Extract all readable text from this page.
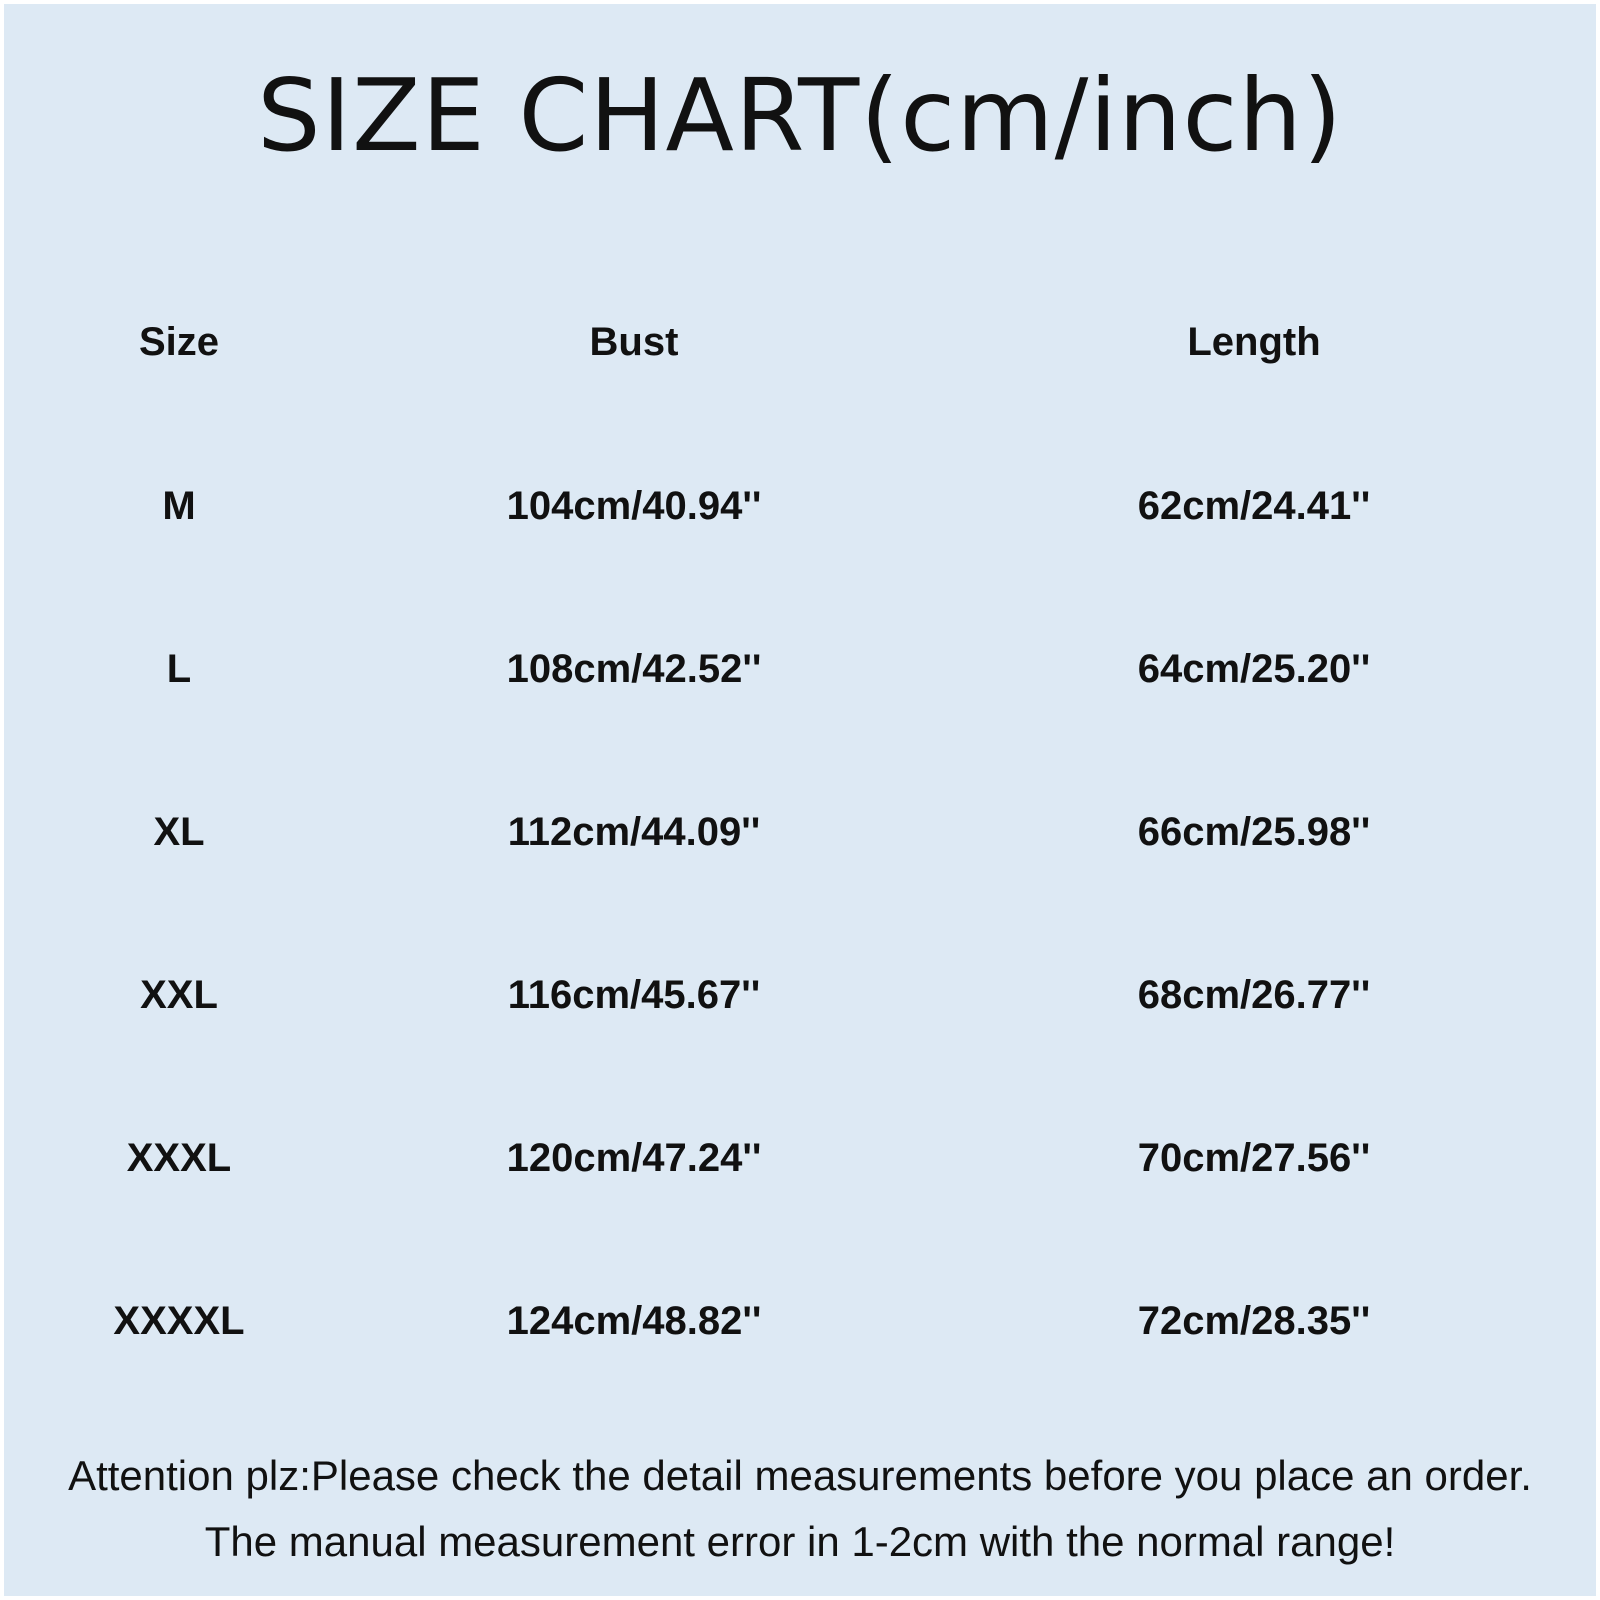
SIZE CHART(cm/inch)
Size	Bust	Length
M	104cm/40.94''	62cm/24.41''
L	108cm/42.52''	64cm/25.20''
XL	112cm/44.09''	66cm/25.98''
XXL	116cm/45.67''	68cm/26.77''
XXXL	120cm/47.24''	70cm/27.56''
XXXXL	124cm/48.82''	72cm/28.35''
Attention plz:Please check the detail measurements before you place an order.
The manual measurement error in 1-2cm with the normal range!
